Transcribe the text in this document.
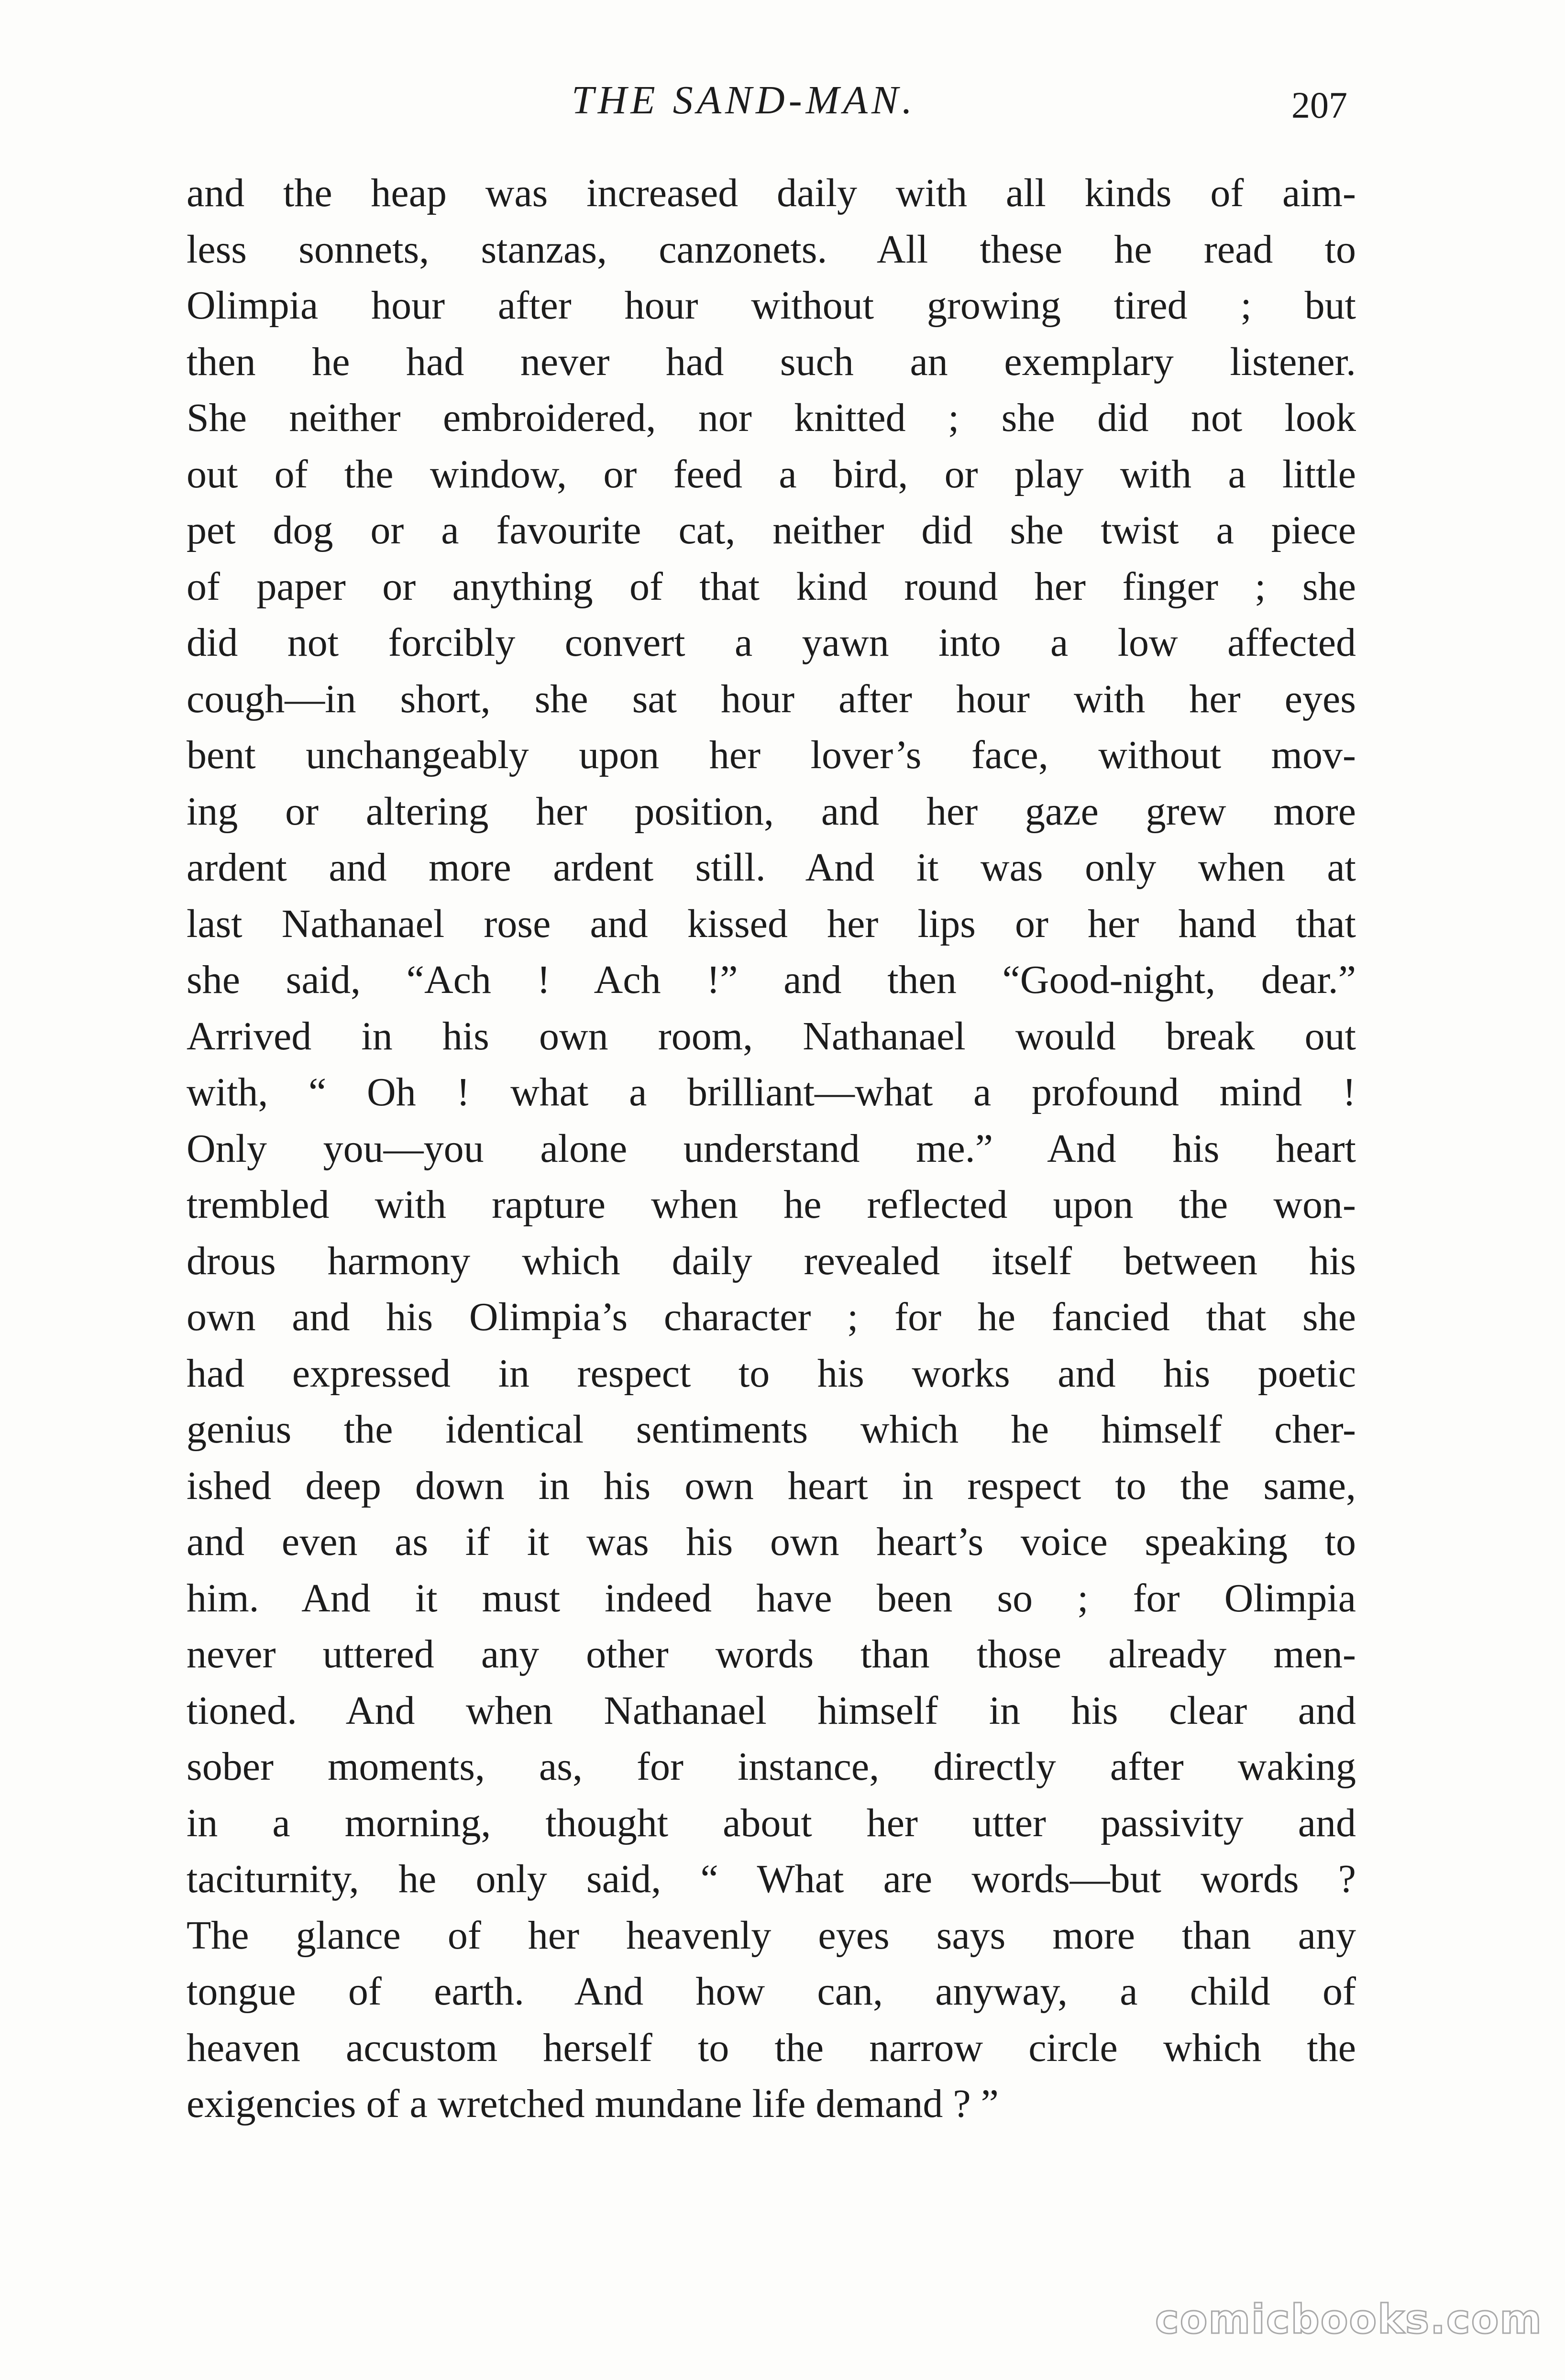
THE SAND-MAN.	207
and the heap was increased daily with all kinds of aim-
less sonnets, stanzas, canzonets. All these he read to
Olimpia hour after hour without growing tired ; but
then he had never had such an exemplary listener.
She neither embroidered, nor knitted ; she did not look
out of the window, or feed a bird, or play with a little
pet dog or a favourite cat, neither did she twist a piece
of paper or anything of that kind round her finger ; she
did not forcibly convert a yawn into a low affected
cough—in short, she sat hour after hour with her eyes
bent unchangeably upon her lover’s face, without mov-
ing or altering her position, and her gaze grew more
ardent and more ardent still. And it was only when at
last Nathanael rose and kissed her lips or her hand that
she said, “Ach ! Ach !” and then “Good-night, dear.”
Arrived in his own room, Nathanael would break out
with, “ Oh ! what a brilliant—what a profound mind !
Only you—you alone understand me.” And his heart
trembled with rapture when he reflected upon the won-
drous harmony which daily revealed itself between his
own and his Olimpia’s character ; for he fancied that she
had expressed in respect to his works and his poetic
genius the identical sentiments which he himself cher-
ished deep down in his own heart in respect to the same,
and even as if it was his own heart’s voice speaking to
him. And it must indeed have been so ; for Olimpia
never uttered any other words than those already men-
tioned. And when Nathanael himself in his clear and
sober moments, as, for instance, directly after waking
in a morning, thought about her utter passivity and
taciturnity, he only said, “ What are words—but words ?
The glance of her heavenly eyes says more than any
tongue of earth. And how can, anyway, a child of
heaven accustom herself to the narrow circle which the
exigencies of a wretched mundane life demand ? ”
comicbooks.com
